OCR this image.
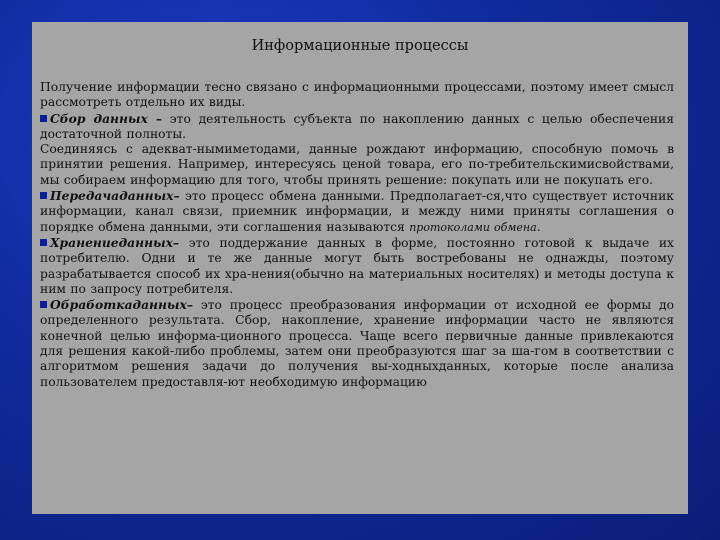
Информационные процессы

Получение информации тесно связано с информационными процессами, поэтому имеет смысл рассмотреть отдельно их виды.

Сбор данных – это деятельность субъекта по накоплению данных с целью обеспечения достаточной полноты.

Соединяясь с адекват-нымиметодами, данные рождают информацию, способную помочь в принятии решения. Например, интересуясь ценой товара, его по-требительскимисвойствами, мы собираем информацию для того, чтобы принять решение: покупать или не покупать его.

Передачаданных– это процесс обмена данными. Предполагает-ся,что существует источник информации, канал связи, приемник информации, и между ними приняты соглашения о порядке обмена данными, эти соглашения называются протоколами обмена.

Хранениеданных– это поддержание данных в форме, постоянно готовой к выдаче их потребителю. Одни и те же данные могут быть востребованы не однажды, поэтому разрабатывается способ их хра-нения(обычно на материальных носителях) и методы доступа к ним по запросу потребителя.

Обработкаданных– это процесс преобразования информации от исходной ее формы до определенного результата. Сбор, накопление, хранение информации часто не являются конечной целью информа-ционного процесса. Чаще всего первичные данные привлекаются для решения какой-либо проблемы, затем они преобразуются шаг за ша-гом в соответствии с алгоритмом решения задачи до получения вы-ходныхданных, которые после анализа пользователем предоставля-ют необходимую информацию
